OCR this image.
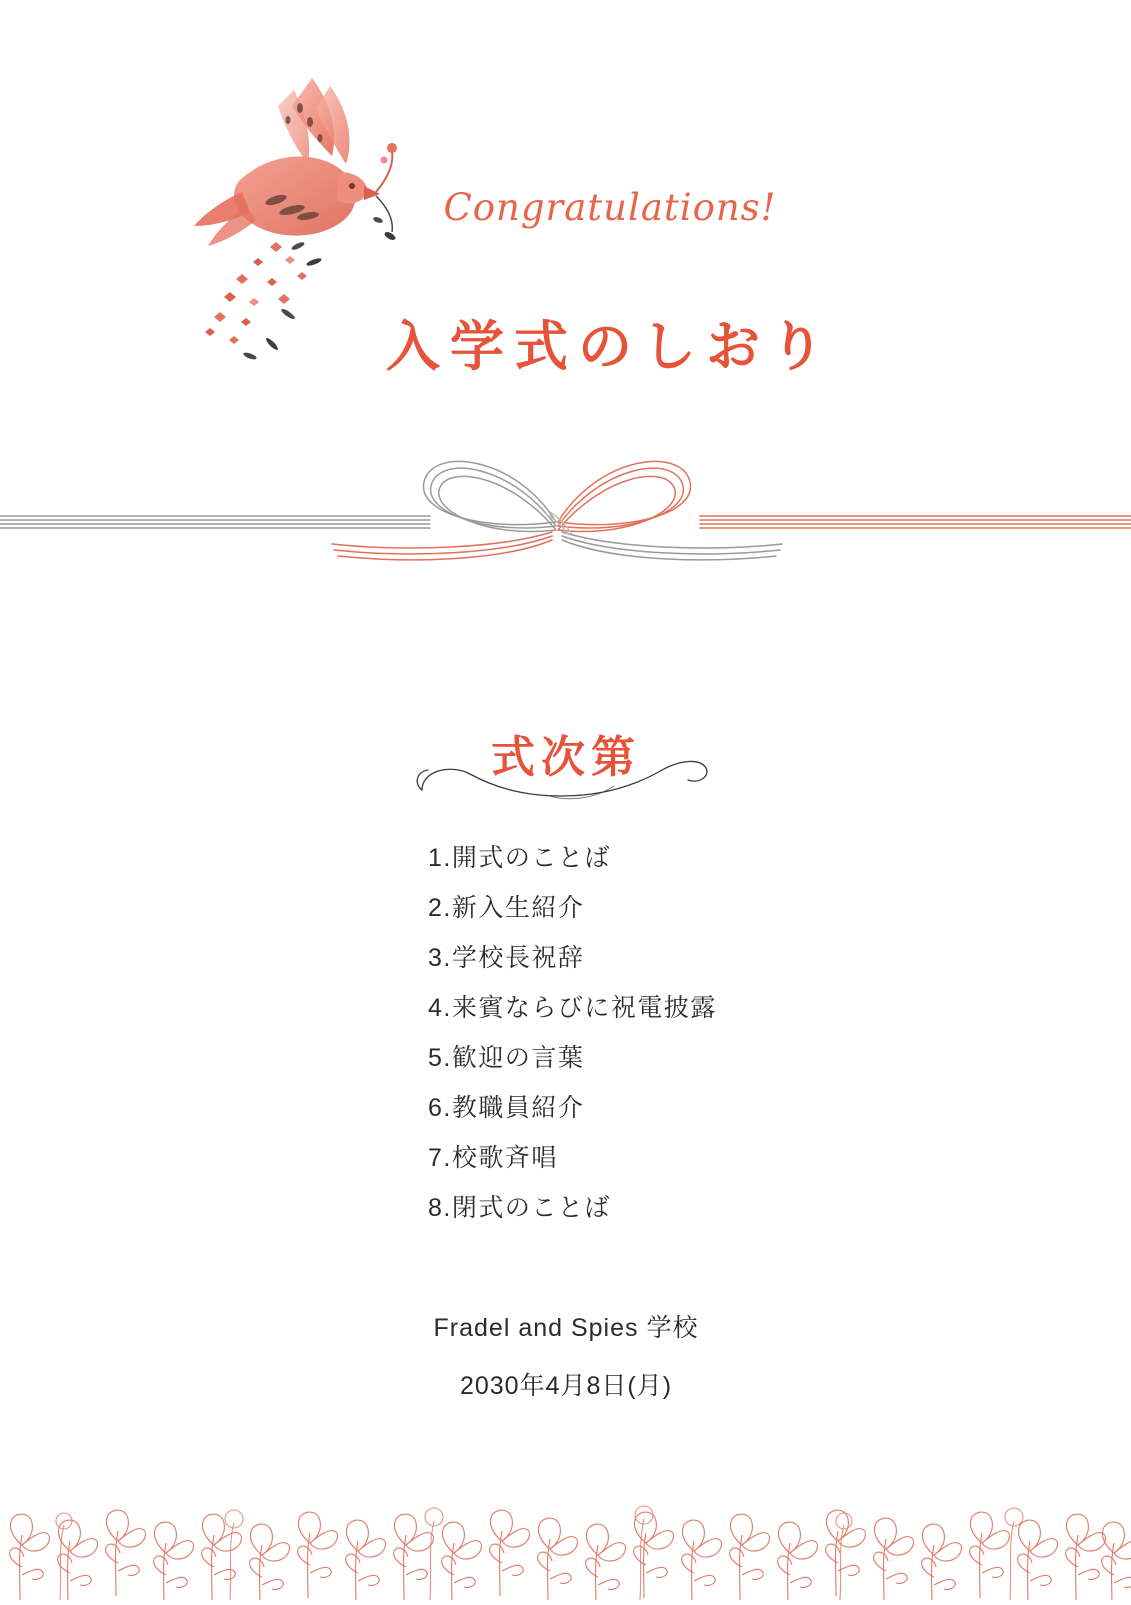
Congratulations!
入学式のしおり
式次第
1.開式のことば
2.新入生紹介
3.学校長祝辞
4.来賓ならびに祝電披露
5.歓迎の言葉
6.教職員紹介
7.校歌斉唱
8.閉式のことば
Fradel and Spies 学校
2030年4月8日(月)
